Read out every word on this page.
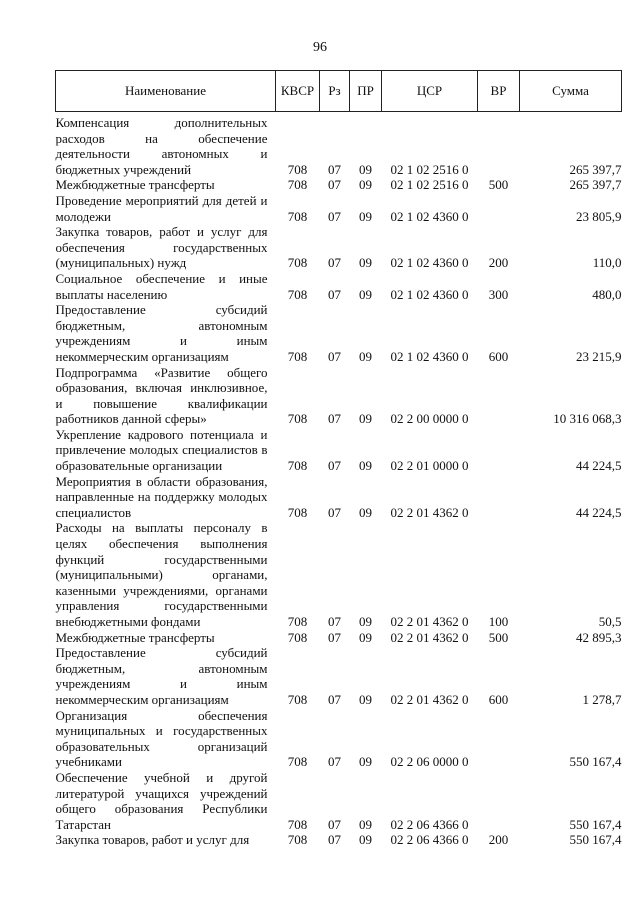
96
Наименование	КВСР	Рз	ПР	ЦСР	ВР	Сумма
Компенсация дополнительных расходов на обеспечение деятельности автономных и бюджетных учреждений	708	07	09	02 1 02 2516 0		265 397,7
Межбюджетные трансферты	708	07	09	02 1 02 2516 0	500	265 397,7
Проведение мероприятий для детей и молодежи	708	07	09	02 1 02 4360 0		23 805,9
Закупка товаров, работ и услуг для обеспечения государственных (муниципальных) нужд	708	07	09	02 1 02 4360 0	200	110,0
Социальное обеспечение и иные выплаты населению	708	07	09	02 1 02 4360 0	300	480,0
Предоставление субсидий бюджетным, автономным учреждениям и иным некоммерческим организациям	708	07	09	02 1 02 4360 0	600	23 215,9
Подпрограмма «Развитие общего образования, включая инклюзивное, и повышение квалификации работников данной сферы»	708	07	09	02 2 00 0000 0		10 316 068,3
Укрепление кадрового потенциала и привлечение молодых специалистов в образовательные организации	708	07	09	02 2 01 0000 0		44 224,5
Мероприятия в области образования, направленные на поддержку молодых специалистов	708	07	09	02 2 01 4362 0		44 224,5
Расходы на выплаты персоналу в целях обеспечения выполнения функций государственными (муниципальными) органами, казенными учреждениями, органами управления государственными внебюджетными фондами	708	07	09	02 2 01 4362 0	100	50,5
Межбюджетные трансферты	708	07	09	02 2 01 4362 0	500	42 895,3
Предоставление субсидий бюджетным, автономным учреждениям и иным некоммерческим организациям	708	07	09	02 2 01 4362 0	600	1 278,7
Организация обеспечения муниципальных и государственных образовательных организаций учебниками	708	07	09	02 2 06 0000 0		550 167,4
Обеспечение учебной и другой литературой учащихся учреждений общего образования Республики Татарстан	708	07	09	02 2 06 4366 0		550 167,4
Закупка товаров, работ и услуг для	708	07	09	02 2 06 4366 0	200	550 167,4
